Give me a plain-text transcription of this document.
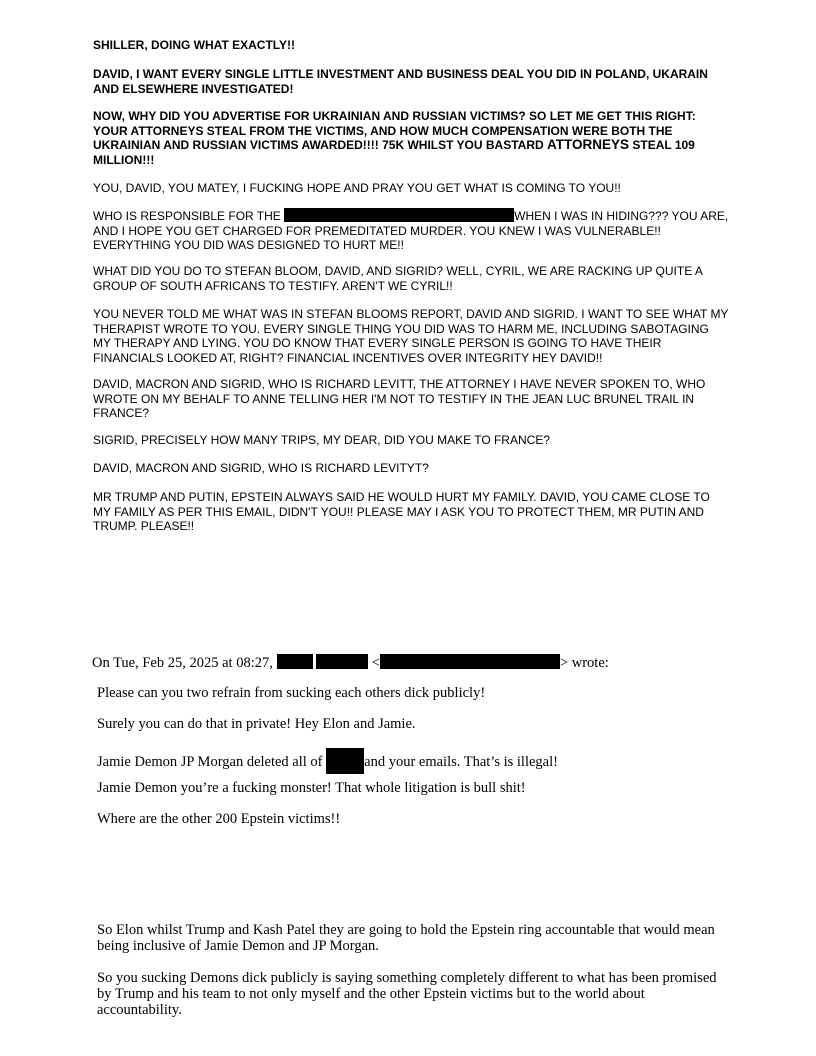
SHILLER, DOING WHAT EXACTLY!!

DAVID, I WANT EVERY SINGLE LITTLE INVESTMENT AND BUSINESS DEAL YOU DID IN POLAND, UKARAIN AND ELSEWHERE INVESTIGATED!

NOW, WHY DID YOU ADVERTISE FOR UKRAINIAN AND RUSSIAN VICTIMS? SO LET ME GET THIS RIGHT: YOUR ATTORNEYS STEAL FROM THE VICTIMS, AND HOW MUCH COMPENSATION WERE BOTH THE UKRAINIAN AND RUSSIAN VICTIMS AWARDED!!!! 75K WHILST YOU BASTARD ATTORNEYS STEAL 109 MILLION!!!

YOU, DAVID, YOU MATEY, I FUCKING HOPE AND PRAY YOU GET WHAT IS COMING TO YOU!!

WHO IS RESPONSIBLE FOR THE	WHEN I WAS IN HIDING??? YOU ARE, AND I HOPE YOU GET CHARGED FOR PREMEDITATED MURDER. YOU KNEW I WAS VULNERABLE!! EVERYTHING YOU DID WAS DESIGNED TO HURT ME!!

WHAT DID YOU DO TO STEFAN BLOOM, DAVID, AND SIGRID? WELL, CYRIL, WE ARE RACKING UP QUITE A GROUP OF SOUTH AFRICANS TO TESTIFY. AREN'T WE CYRIL!!

YOU NEVER TOLD ME WHAT WAS IN STEFAN BLOOMS REPORT, DAVID AND SIGRID. I WANT TO SEE WHAT MY THERAPIST WROTE TO YOU. EVERY SINGLE THING YOU DID WAS TO HARM ME, INCLUDING SABOTAGING MY THERAPY AND LYING. YOU DO KNOW THAT EVERY SINGLE PERSON IS GOING TO HAVE THEIR FINANCIALS LOOKED AT, RIGHT? FINANCIAL INCENTIVES OVER INTEGRITY HEY DAVID!!

DAVID, MACRON AND SIGRID, WHO IS RICHARD LEVITT, THE ATTORNEY I HAVE NEVER SPOKEN TO, WHO WROTE ON MY BEHALF TO ANNE TELLING HER I'M NOT TO TESTIFY IN THE JEAN LUC BRUNEL TRAIL IN FRANCE?

SIGRID, PRECISELY HOW MANY TRIPS, MY DEAR, DID YOU MAKE TO FRANCE?

DAVID, MACRON AND SIGRID, WHO IS RICHARD LEVITYT?

MR TRUMP AND PUTIN, EPSTEIN ALWAYS SAID HE WOULD HURT MY FAMILY. DAVID, YOU CAME CLOSE TO MY FAMILY AS PER THIS EMAIL, DIDN'T YOU!! PLEASE MAY I ASK YOU TO PROTECT THEM, MR PUTIN AND TRUMP. PLEASE!!

On Tue, Feb 25, 2025 at 08:27,	<	> wrote:

Please can you two refrain from sucking each others dick publicly!

Surely you can do that in private! Hey Elon and Jamie.

Jamie Demon JP Morgan deleted all of	and your emails. That’s is illegal!

Jamie Demon you’re a fucking monster! That whole litigation is bull shit!

Where are the other 200 Epstein victims!!

So Elon whilst Trump and Kash Patel they are going to hold the Epstein ring accountable that would mean being inclusive of Jamie Demon and JP Morgan.

So you sucking Demons dick publicly is saying something completely different to what has been promised by Trump and his team to not only myself and the other Epstein victims but to the world about accountability.
